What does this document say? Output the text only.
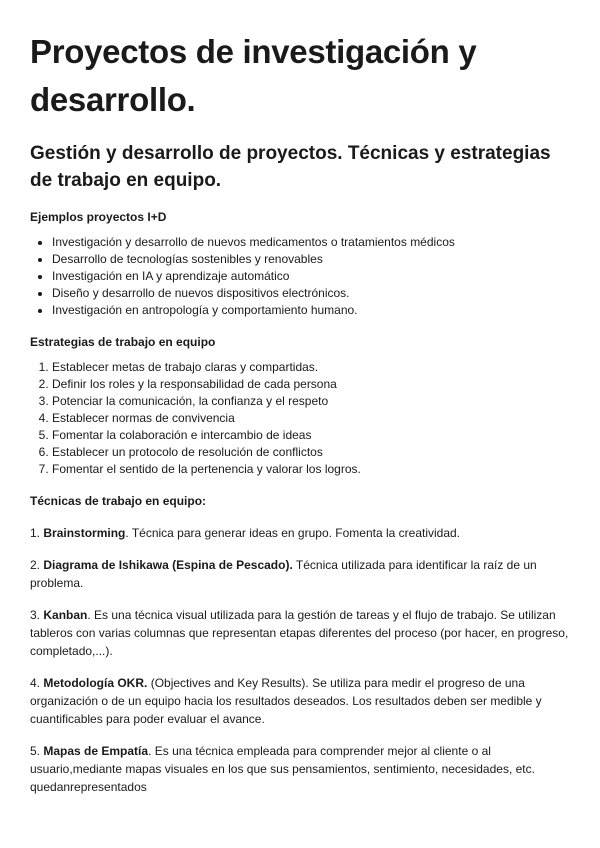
Proyectos de investigación y desarrollo.
Gestión y desarrollo de proyectos. Técnicas y estrategias de trabajo en equipo.
Ejemplos proyectos I+D
• Investigación y desarrollo de nuevos medicamentos o tratamientos médicos
• Desarrollo de tecnologías sostenibles y renovables
• Investigación en IA y aprendizaje automático
• Diseño y desarrollo de nuevos dispositivos electrónicos.
• Investigación en antropología y comportamiento humano.
Estrategias de trabajo en equipo
1. Establecer metas de trabajo claras y compartidas.
2. Definir los roles y la responsabilidad de cada persona
3. Potenciar la comunicación, la confianza y el respeto
4. Establecer normas de convivencia
5. Fomentar la colaboración e intercambio de ideas
6. Establecer un protocolo de resolución de conflictos
7. Fomentar el sentido de la pertenencia y valorar los logros.
Técnicas de trabajo en equipo:

1. Brainstorming. Técnica para generar ideas en grupo. Fomenta la creatividad.

2. Diagrama de Ishikawa (Espina de Pescado). Técnica utilizada para identificar la raíz de un problema.

3. Kanban. Es una técnica visual utilizada para la gestión de tareas y el flujo de trabajo. Se utilizan tableros con varias columnas que representan etapas diferentes del proceso (por hacer, en progreso, completado,...).

4. Metodología OKR. (Objectives and Key Results). Se utiliza para medir el progreso de una organización o de un equipo hacia los resultados deseados. Los resultados deben ser medible y cuantificables para poder evaluar el avance.

5. Mapas de Empatía. Es una técnica empleada para comprender mejor al cliente o al usuario,mediante mapas visuales en los que sus pensamientos, sentimiento, necesidades, etc. quedanrepresentados
